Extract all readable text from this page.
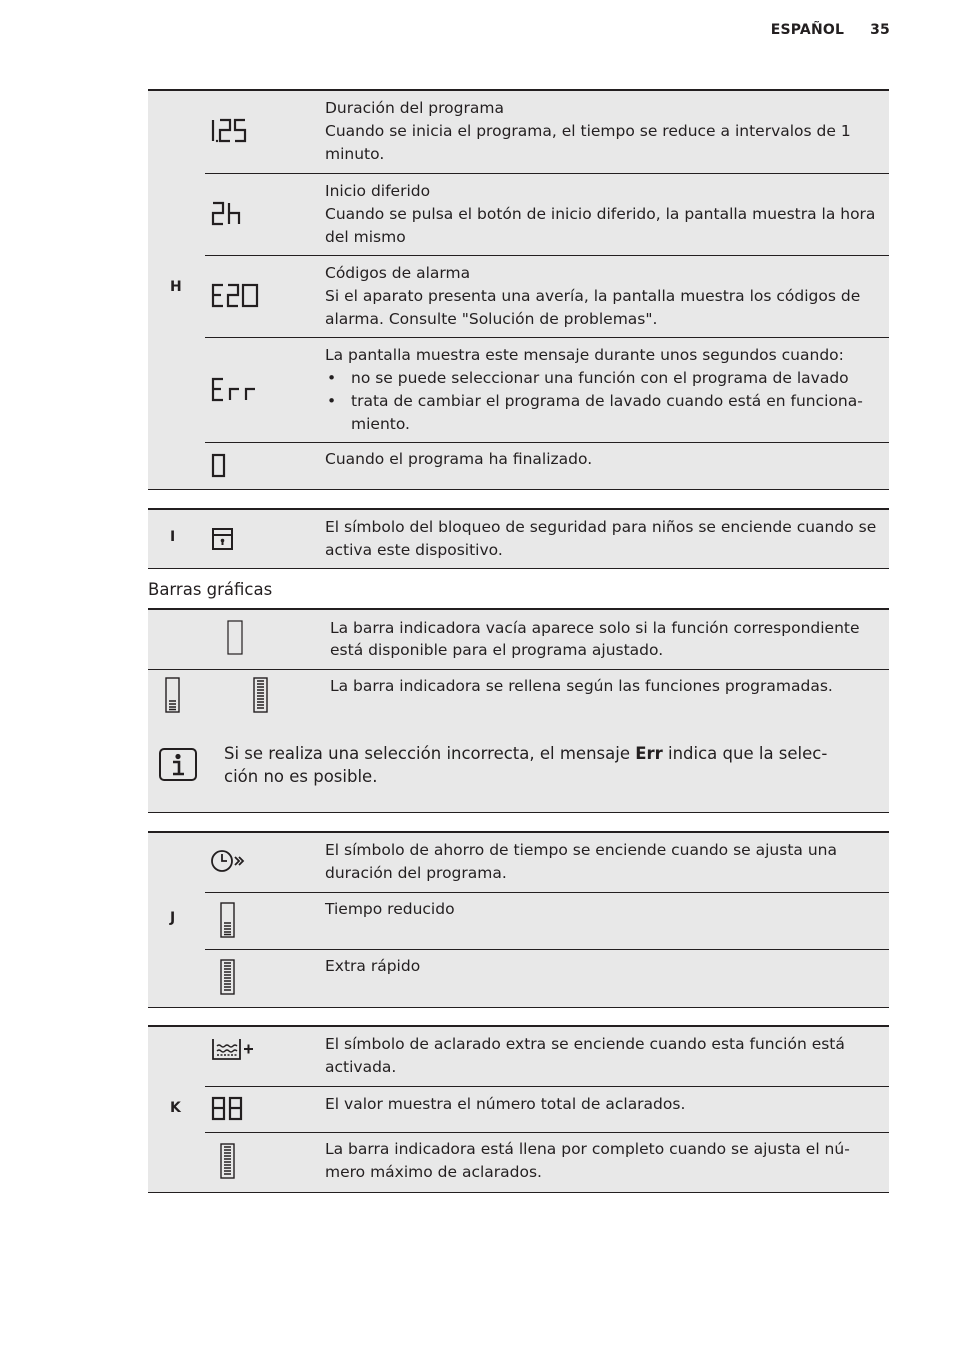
ESPAÑOL 35
H
Duración del programa
Cuando se inicia el programa, el tiempo se reduce a intervalos de 1 minuto.
Inicio diferido
Cuando se pulsa el botón de inicio diferido, la pantalla muestra la hora del mismo
Códigos de alarma
Si el aparato presenta una avería, la pantalla muestra los códigos de alarma. Consulte "Solución de problemas".
La pantalla muestra este mensaje durante unos segundos cuando:
• no se puede seleccionar una función con el programa de lavado
• trata de cambiar el programa de lavado cuando está en funciona-miento.
Cuando el programa ha finalizado.
I
El símbolo del bloqueo de seguridad para niños se enciende cuando se activa este dispositivo.
Barras gráficas
La barra indicadora vacía aparece solo si la función correspondiente está disponible para el programa ajustado.
La barra indicadora se rellena según las funciones programadas.
Si se realiza una selección incorrecta, el mensaje Err indica que la selec-ción no es posible.
J
El símbolo de ahorro de tiempo se enciende cuando se ajusta una duración del programa.
Tiempo reducido
Extra rápido
K
El símbolo de aclarado extra se enciende cuando esta función está activada.
El valor muestra el número total de aclarados.
La barra indicadora está llena por completo cuando se ajusta el nú-mero máximo de aclarados.
